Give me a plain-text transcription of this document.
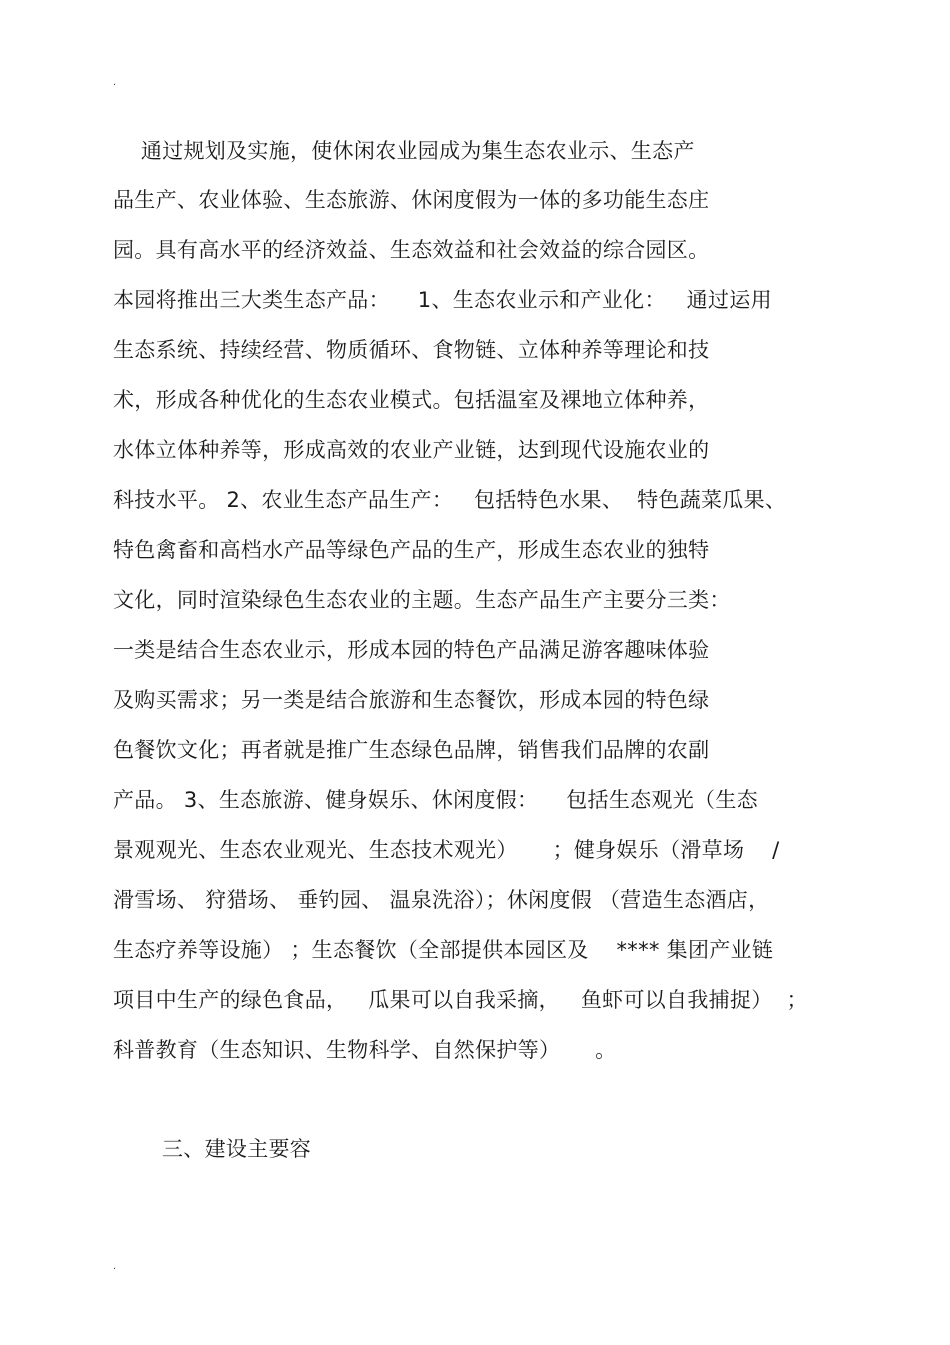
.
通过规划及实施，使休闲农业园成为集生态农业示、生态产
品生产、农业体验、生态旅游、休闲度假为一体的多功能生态庄
园。具有高水平的经济效益、生态效益和社会效益的综合园区。
本园将推出三大类生态产品：    1、生态农业示和产业化：   通过运用
生态系统、持续经营、物质循环、食物链、立体种养等理论和技
术，形成各种优化的生态农业模式。包括温室及裸地立体种养，
水体立体种养等，形成高效的农业产业链，达到现代设施农业的
科技水平。 2、农业生态产品生产：   包括特色水果、  特色蔬菜瓜果、
特色禽畜和高档水产品等绿色产品的生产，形成生态农业的独特
文化，同时渲染绿色生态农业的主题。生态产品生产主要分三类：
一类是结合生态农业示，形成本园的特色产品满足游客趣味体验
及购买需求；另一类是结合旅游和生态餐饮，形成本园的特色绿
色餐饮文化；再者就是推广生态绿色品牌，销售我们品牌的农副
产品。 3、生态旅游、健身娱乐、休闲度假：    包括生态观光（生态
景观观光、生态农业观光、生态技术观光）     ；健身娱乐（滑草场    /
滑雪场、 狩猎场、 垂钓园、 温泉洗浴）；休闲度假 （营造生态酒店，
生态疗养等设施） ；生态餐饮（全部提供本园区及    **** 集团产业链
项目中生产的绿色食品，   瓜果可以自我采摘，   鱼虾可以自我捕捉）  ；
科普教育（生态知识、生物科学、自然保护等）     。
三、建设主要容
.
